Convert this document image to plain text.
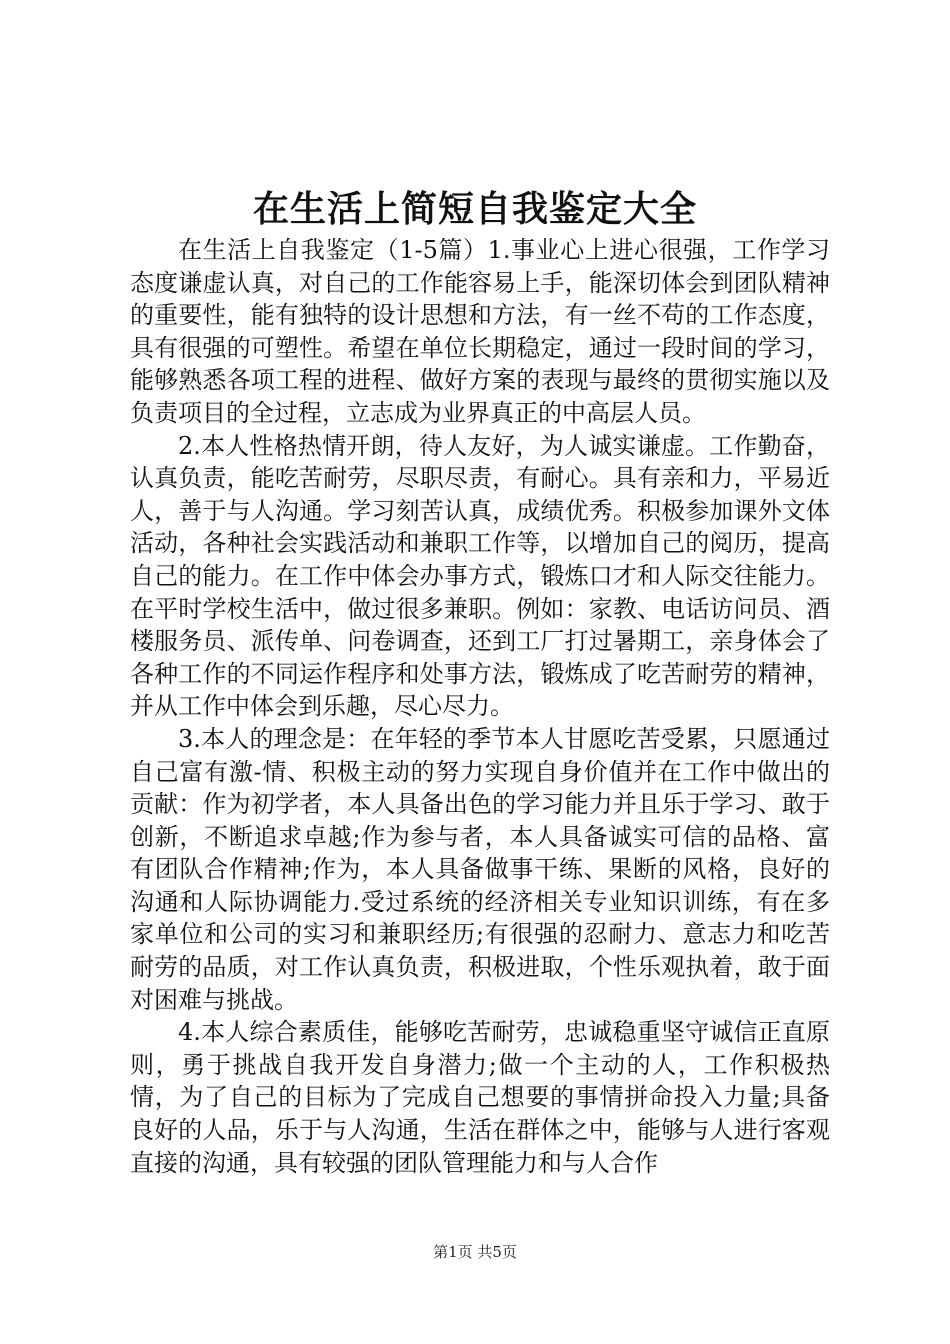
在生活上简短自我鉴定大全

在生活上自我鉴定（1-5篇）1.事业心上进心很强，工作学习态度谦虚认真，对自己的工作能容易上手，能深切体会到团队精神的重要性，能有独特的设计思想和方法，有一丝不苟的工作态度，具有很强的可塑性。希望在单位长期稳定，通过一段时间的学习，能够熟悉各项工程的进程、做好方案的表现与最终的贯彻实施以及负责项目的全过程，立志成为业界真正的中高层人员。

2.本人性格热情开朗，待人友好，为人诚实谦虚。工作勤奋，认真负责，能吃苦耐劳，尽职尽责，有耐心。具有亲和力，平易近人，善于与人沟通。学习刻苦认真，成绩优秀。积极参加课外文体活动，各种社会实践活动和兼职工作等，以增加自己的阅历，提高自己的能力。在工作中体会办事方式，锻炼口才和人际交往能力。在平时学校生活中，做过很多兼职。例如：家教、电话访问员、酒楼服务员、派传单、问卷调查，还到工厂打过暑期工，亲身体会了各种工作的不同运作程序和处事方法，锻炼成了吃苦耐劳的精神，并从工作中体会到乐趣，尽心尽力。

3.本人的理念是：在年轻的季节本人甘愿吃苦受累，只愿通过自己富有激-情、积极主动的努力实现自身价值并在工作中做出的贡献：作为初学者，本人具备出色的学习能力并且乐于学习、敢于创新，不断追求卓越;作为参与者，本人具备诚实可信的品格、富有团队合作精神;作为，本人具备做事干练、果断的风格，良好的沟通和人际协调能力.受过系统的经济相关专业知识训练，有在多家单位和公司的实习和兼职经历;有很强的忍耐力、意志力和吃苦耐劳的品质，对工作认真负责，积极进取，个性乐观执着，敢于面对困难与挑战。

4.本人综合素质佳，能够吃苦耐劳，忠诚稳重坚守诚信正直原则，勇于挑战自我开发自身潜力;做一个主动的人，工作积极热情，为了自己的目标为了完成自己想要的事情拼命投入力量;具备良好的人品，乐于与人沟通，生活在群体之中，能够与人进行客观直接的沟通，具有较强的团队管理能力和与人合作

第1页 共5页
